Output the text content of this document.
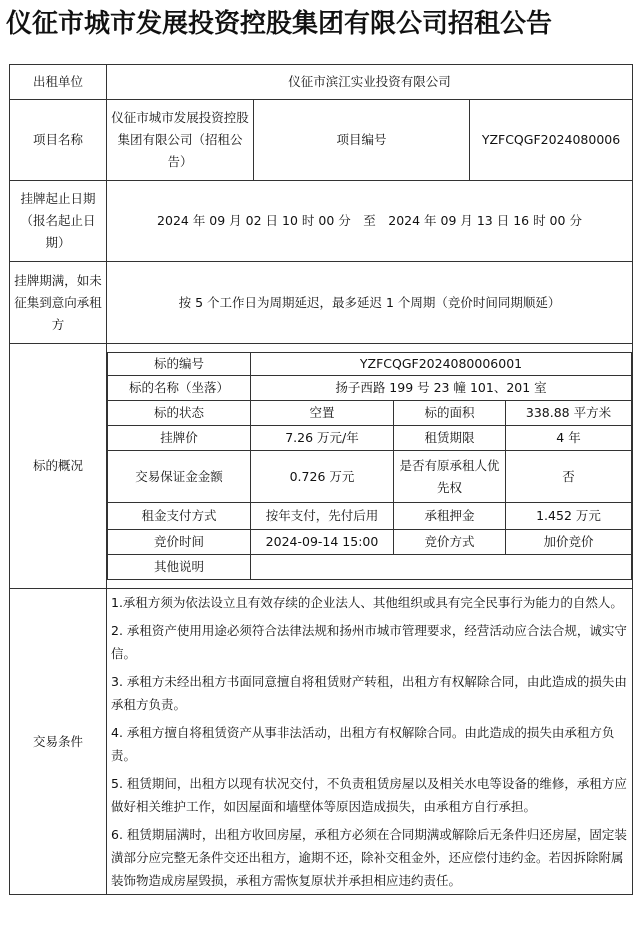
仪征市城市发展投资控股集团有限公司招租公告
出租单位	仪征市滨江实业投资有限公司
项目名称	仪征市城市发展投资控股集团有限公司（招租公告）	项目编号	YZFCQGF2024080006
挂牌起止日期（报名起止日期）	2024 年 09 月 02 日 10 时 00 分　至　2024 年 09 月 13 日 16 时 00 分
挂牌期满，如未征集到意向承租方	按 5 个工作日为周期延迟，最多延迟 1 个周期（竞价时间同期顺延）
标的概况	
标的编号	YZFCQGF2024080006001
标的名称（坐落）	扬子西路 199 号 23 幢 101、201 室
标的状态	空置	标的面积	338.88 平方米
挂牌价	7.26 万元/年	租赁期限	4 年
交易保证金金额	0.726 万元	是否有原承租人优先权	否
租金支付方式	按年支付，先付后用	承租押金	1.452 万元
竞价时间	2024-09-14 15:00	竞价方式	加价竞价
其他说明	

交易条件	
1.承租方须为依法设立且有效存续的企业法人、其他组织或具有完全民事行为能力的自然人。
2. 承租资产使用用途必须符合法律法规和扬州市城市管理要求，经营活动应合法合规，诚实守信。
3. 承租方未经出租方书面同意擅自将租赁财产转租，出租方有权解除合同，由此造成的损失由承租方负责。
4. 承租方擅自将租赁资产从事非法活动，出租方有权解除合同。由此造成的损失由承租方负责。
5. 租赁期间，出租方以现有状况交付，不负责租赁房屋以及相关水电等设备的维修，承租方应做好相关维护工作，如因屋面和墙壁体等原因造成损失，由承租方自行承担。
6. 租赁期届满时，出租方收回房屋，承租方必须在合同期满或解除后无条件归还房屋，固定装潢部分应完整无条件交还出租方，逾期不还，除补交租金外，还应偿付违约金。若因拆除附属装饰物造成房屋毁损，承租方需恢复原状并承担相应违约责任。
